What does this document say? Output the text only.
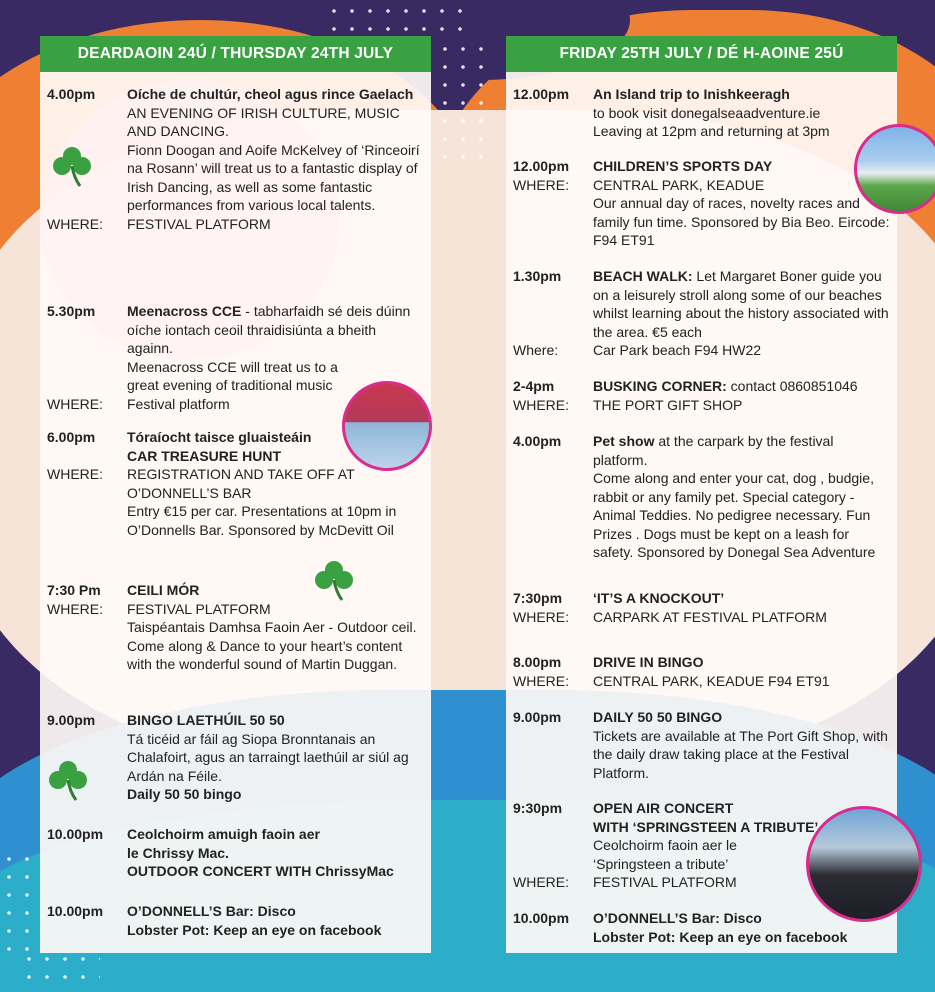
DEARDAOIN 24Ú / THURSDAY 24TH JULY
4.00pm	Oíche de chultúr, cheol agus rince Gaelach
AN EVENING OF IRISH CULTURE, MUSIC AND DANCING.
Fionn Doogan and Aoife McKelvey of ‘Rinceoirí na Rosann’ will treat us to a fantastic display of Irish Dancing, as well as some fantastic performances from various local talents.
WHERE:	FESTIVAL PLATFORM
5.30pm	Meenacross CCE - tabharfaidh sé deis dúinn oíche iontach ceoil thraidisiúnta a bheith againn.
Meenacross CCE will treat us to a great evening of traditional music
WHERE:	Festival platform
6.00pm	Tóraíocht taisce gluaisteáin
CAR TREASURE HUNT
WHERE:	REGISTRATION AND TAKE OFF AT O’DONNELL’S BAR
Entry €15 per car. Presentations at 10pm in O’Donnells Bar. Sponsored by McDevitt Oil
7:30 Pm	CEILI MÓR
WHERE:	FESTIVAL PLATFORM
Taispéantais Damhsa Faoin Aer - Outdoor ceil. Come along & Dance to your heart’s content with the wonderful sound of Martin Duggan.
9.00pm	BINGO LAETHÚIL 50 50
Tá ticéid ar fáil ag Siopa Bronntanais an Chalafoirt, agus an tarraingt laethúil ar siúl ag Ardán na Féile.
Daily 50 50 bingo
10.00pm	Ceolchoirm amuigh faoin aer
le Chrissy Mac.
OUTDOOR CONCERT WITH ChrissyMac
10.00pm	O’DONNELL’S Bar: Disco
Lobster Pot: Keep an eye on facebook
FRIDAY 25TH JULY / DÉ H-AOINE 25Ú
12.00pm	An Island trip to Inishkeeragh
to book visit donegalseaadventure.ie
Leaving at 12pm and returning at 3pm
12.00pm	CHILDREN’S SPORTS DAY
WHERE:	CENTRAL PARK, KEADUE
Our annual day of races, novelty races and family fun time. Sponsored by Bia Beo. Eircode: F94 ET91
1.30pm	BEACH WALK: Let Margaret Boner guide you on a leisurely stroll along some of our beaches whilst learning about the history associated with the area. €5 each
Where:	Car Park beach F94 HW22
2-4pm	BUSKING CORNER: contact 0860851046
WHERE:	THE PORT GIFT SHOP
4.00pm	Pet show at the carpark by the festival platform.
Come along and enter your cat, dog , budgie, rabbit or any family pet. Special category - Animal Teddies. No pedigree necessary. Fun Prizes . Dogs must be kept on a leash for safety. Sponsored by Donegal Sea Adventure
7:30pm	‘IT’S A KNOCKOUT’
WHERE:	CARPARK AT FESTIVAL PLATFORM
8.00pm	DRIVE IN BINGO
WHERE:	CENTRAL PARK, KEADUE F94 ET91
9.00pm	DAILY 50 50 BINGO
Tickets are available at The Port Gift Shop, with the daily draw taking place at the Festival Platform.
9:30pm	OPEN AIR CONCERT
WITH ‘SPRINGSTEEN A TRIBUTE’
Ceolchoirm faoin aer le
‘Springsteen a tribute’
WHERE:	FESTIVAL PLATFORM
10.00pm	O’DONNELL’S Bar: Disco
Lobster Pot: Keep an eye on facebook
